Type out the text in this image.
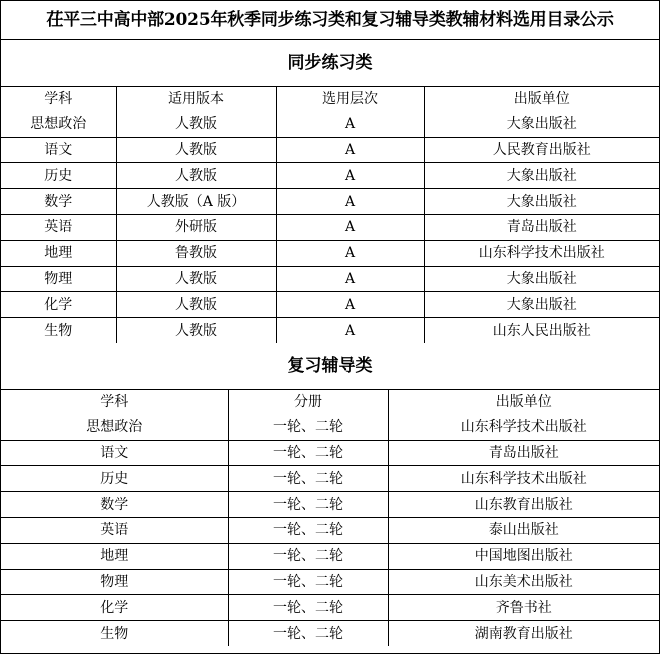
茌平三中高中部2025年秋季同步练习类和复习辅导类教辅材料选用目录公示
同步练习类
学科	适用版本	选用层次	出版单位
思想政治	人教版	A	大象出版社
语文	人教版	A	人民教育出版社
历史	人教版	A	大象出版社
数学	人教版（A 版）	A	大象出版社
英语	外研版	A	青岛出版社
地理	鲁教版	A	山东科学技术出版社
物理	人教版	A	大象出版社
化学	人教版	A	大象出版社
生物	人教版	A	山东人民出版社
复习辅导类
学科	分册	出版单位
思想政治	一轮、二轮	山东科学技术出版社
语文	一轮、二轮	青岛出版社
历史	一轮、二轮	山东科学技术出版社
数学	一轮、二轮	山东教育出版社
英语	一轮、二轮	泰山出版社
地理	一轮、二轮	中国地图出版社
物理	一轮、二轮	山东美术出版社
化学	一轮、二轮	齐鲁书社
生物	一轮、二轮	湖南教育出版社
